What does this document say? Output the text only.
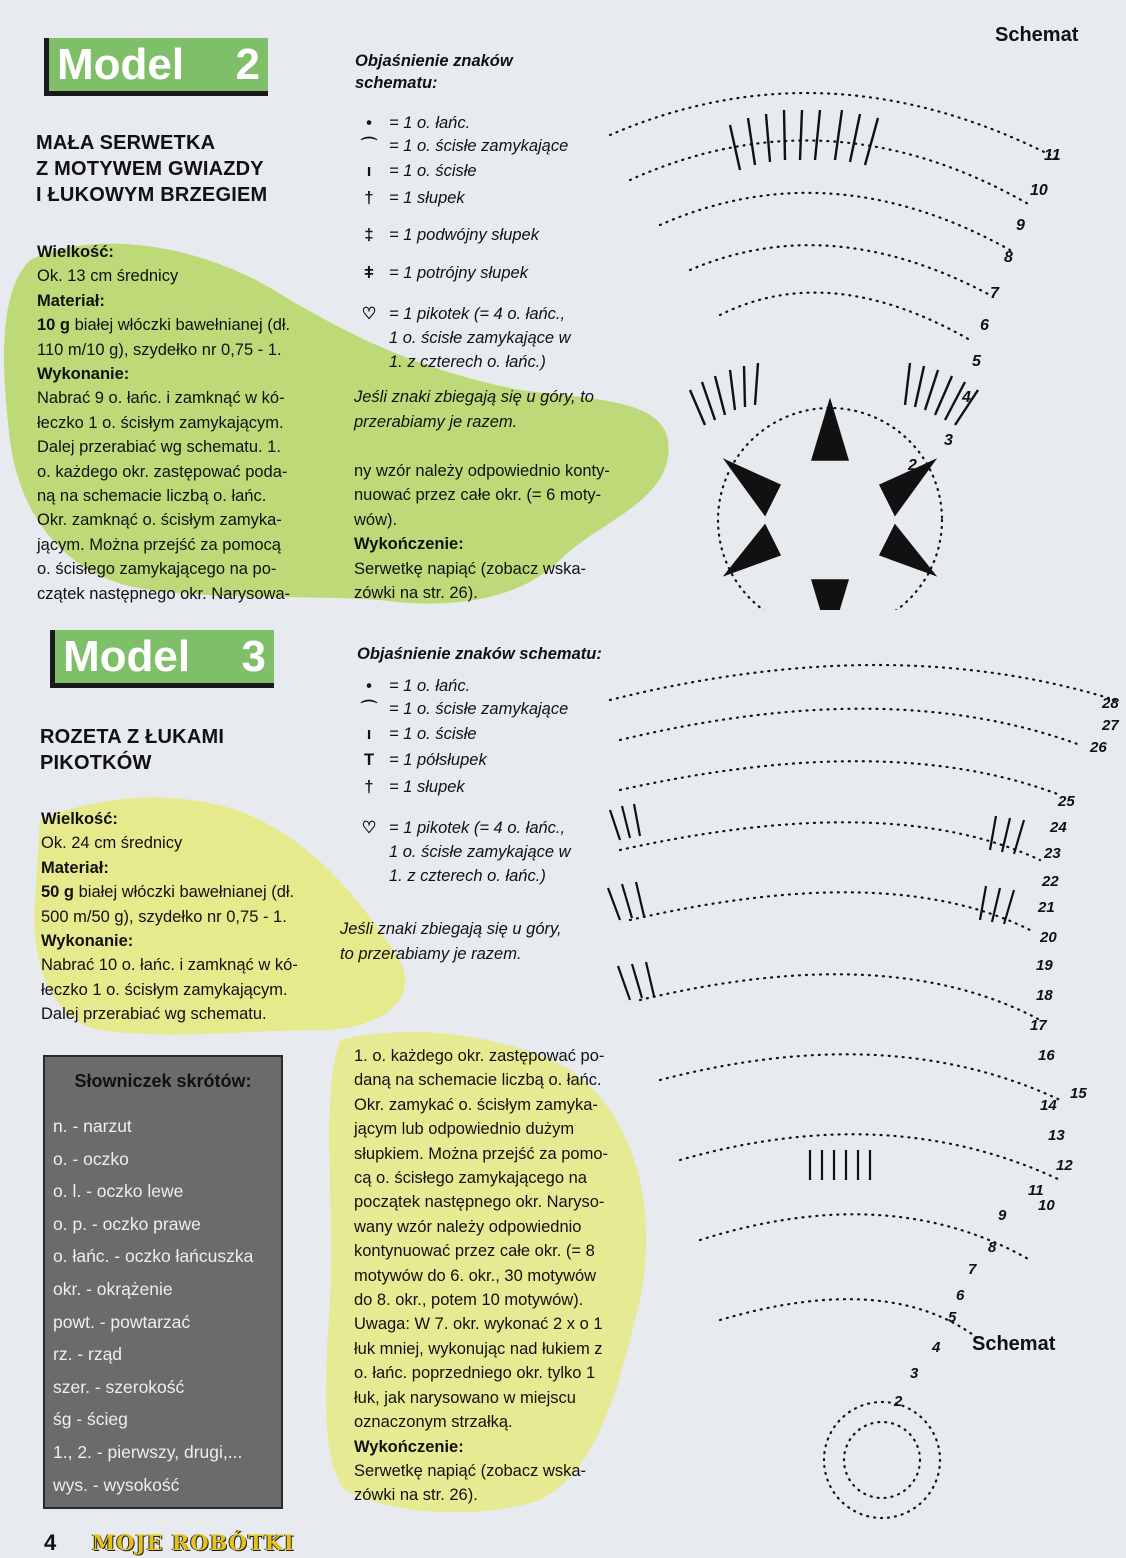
Model 2
MAŁA SERWETKA
Z MOTYWEM GWIAZDY
I ŁUKOWYM BRZEGIEM
Wielkość:
Ok. 13 cm średnicy
Materiał:
10 g białej włóczki bawełnianej (dł.
110 m/10 g), szydełko nr 0,75 - 1.
Wykonanie:
Nabrać 9 o. łańc. i zamknąć w kó-
łeczko 1 o. ścisłym zamykającym.
Dalej przerabiać wg schematu. 1.
o. każdego okr. zastępować poda-
ną na schemacie liczbą o. łańc.
Okr. zamknąć o. ścisłym zamyka-
jącym. Można przejść za pomocą
o. ścisłego zamykającego na po-
czątek następnego okr. Narysowa-
Objaśnienie znaków
schematu:
•	= 1 o. łańc.
⌒ = 1 o. ścisłe zamykające
ı	= 1 o. ścisłe
† = 1 słupek
‡ = 1 podwójny słupek
ǂ = 1 potrójny słupek
♡ = 1 pikotek (= 4 o. łańc.,
1 o. ścisłe zamykające w
1. z czterech o. łańc.)
Jeśli znaki zbiegają się u góry, to
przerabiamy je razem.
ny wzór należy odpowiednio konty-
nuować przez całe okr. (= 6 moty-
wów).
Wykończenie:
Serwetkę napiąć (zobacz wska-
zówki na str. 26).
Schemat
2
3
4
5
6
7
8
9
10
11
Model 3
ROZETA Z ŁUKAMI
PIKOTKÓW
Wielkość:
Ok. 24 cm średnicy
Materiał:
50 g białej włóczki bawełnianej (dł.
500 m/50 g), szydełko nr 0,75 - 1.
Wykonanie:
Nabrać 10 o. łańc. i zamknąć w kó-
łeczko 1 o. ścisłym zamykającym.
Dalej przerabiać wg schematu.
Objaśnienie znaków schematu:
•	= 1 o. łańc.
⌒ = 1 o. ścisłe zamykające
ı	= 1 o. ścisłe
T = 1 półsłupek
† = 1 słupek
♡ = 1 pikotek (= 4 o. łańc.,
1 o. ścisłe zamykające w
1. z czterech o. łańc.)
Jeśli znaki zbiegają się u góry,
to przerabiamy je razem.
1. o. każdego okr. zastępować po-
daną na schemacie liczbą o. łańc.
Okr. zamykać o. ścisłym zamyka-
jącym lub odpowiednio dużym
słupkiem. Można przejść za pomo-
cą o. ścisłego zamykającego na
początek następnego okr. Naryso-
wany wzór należy odpowiednio
kontynuować przez całe okr. (= 8
motywów do 6. okr., 30 motywów
do 8. okr., potem 10 motywów).
Uwaga: W 7. okr. wykonać 2 x o 1
łuk mniej, wykonując nad łukiem z
o. łańc. poprzedniego okr. tylko 1
łuk, jak narysowano w miejscu
oznaczonym strzałką.
Wykończenie:
Serwetkę napiąć (zobacz wska-
zówki na str. 26).
Schemat
2
3
4
5
6
7
8
9
10
11
12
13
14
15
16
17
18
19
20
21
22
23
24
25
26
27
28
Słowniczek skrótów:
n. - narzut
o. - oczko
o. l. - oczko lewe
o. p. - oczko prawe
o. łańc. - oczko łańcuszka
okr. - okrążenie
powt. - powtarzać
rz. - rząd
szer. - szerokość
śg - ścieg
1., 2. - pierwszy, drugi,...
wys. - wysokość
4 MOJE ROBÓTKI
